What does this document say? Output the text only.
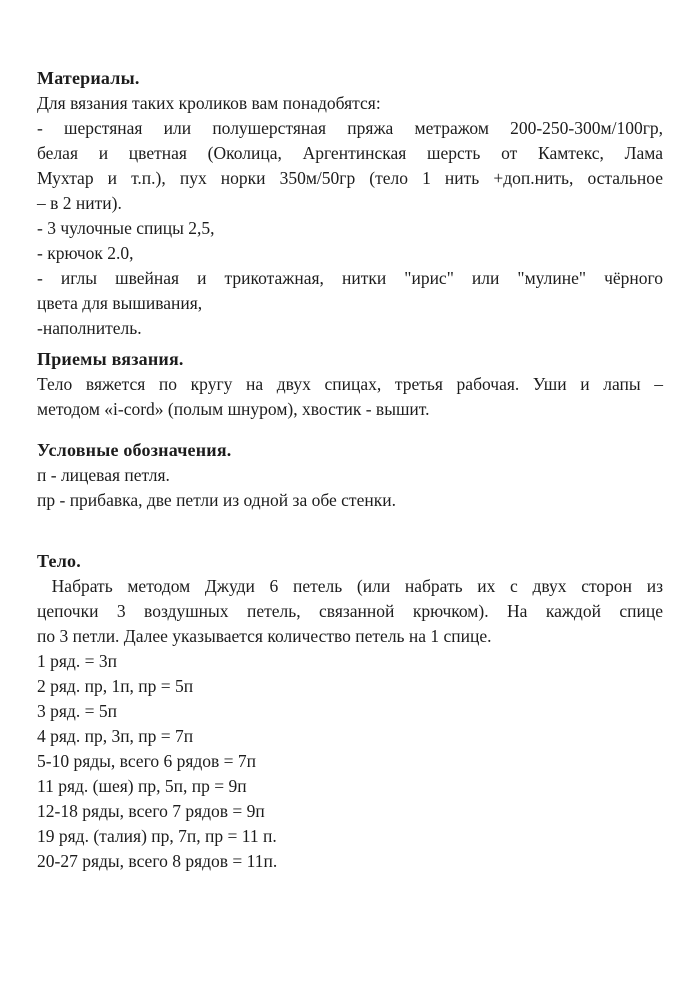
Материалы.
Для вязания таких кроликов вам понадобятся:
- шерстяная или полушерстяная пряжа метражом 200-250-300м/100гр,
белая и цветная (Околица, Аргентинская шерсть от Камтекс, Лама
Мухтар и т.п.), пух норки 350м/50гр (тело 1 нить +доп.нить, остальное
– в 2 нити).
- 3 чулочные спицы 2,5,
- крючок 2.0,
- иглы швейная и трикотажная, нитки "ирис" или "мулине" чёрного
цвета для вышивания,
-наполнитель.
Приемы вязания.
Тело вяжется по кругу на двух спицах, третья рабочая. Уши и лапы –
методом «i-cord» (полым шнуром), хвостик - вышит.
Условные обозначения.
п - лицевая петля.
пр - прибавка, две петли из одной за обе стенки.
Тело.
Набрать методом Джуди 6 петель (или набрать их с двух сторон из
цепочки 3 воздушных петель, связанной крючком). На каждой спице
по 3 петли. Далее указывается количество петель на 1 спице.
1 ряд. = 3п
2 ряд. пр, 1п, пр = 5п
3 ряд. = 5п
4 ряд. пр, 3п, пр = 7п
5-10 ряды, всего 6 рядов = 7п
11 ряд. (шея) пр, 5п, пр = 9п
12-18 ряды, всего 7 рядов = 9п
19 ряд. (талия) пр, 7п, пр = 11 п.
20-27 ряды, всего 8 рядов = 11п.
